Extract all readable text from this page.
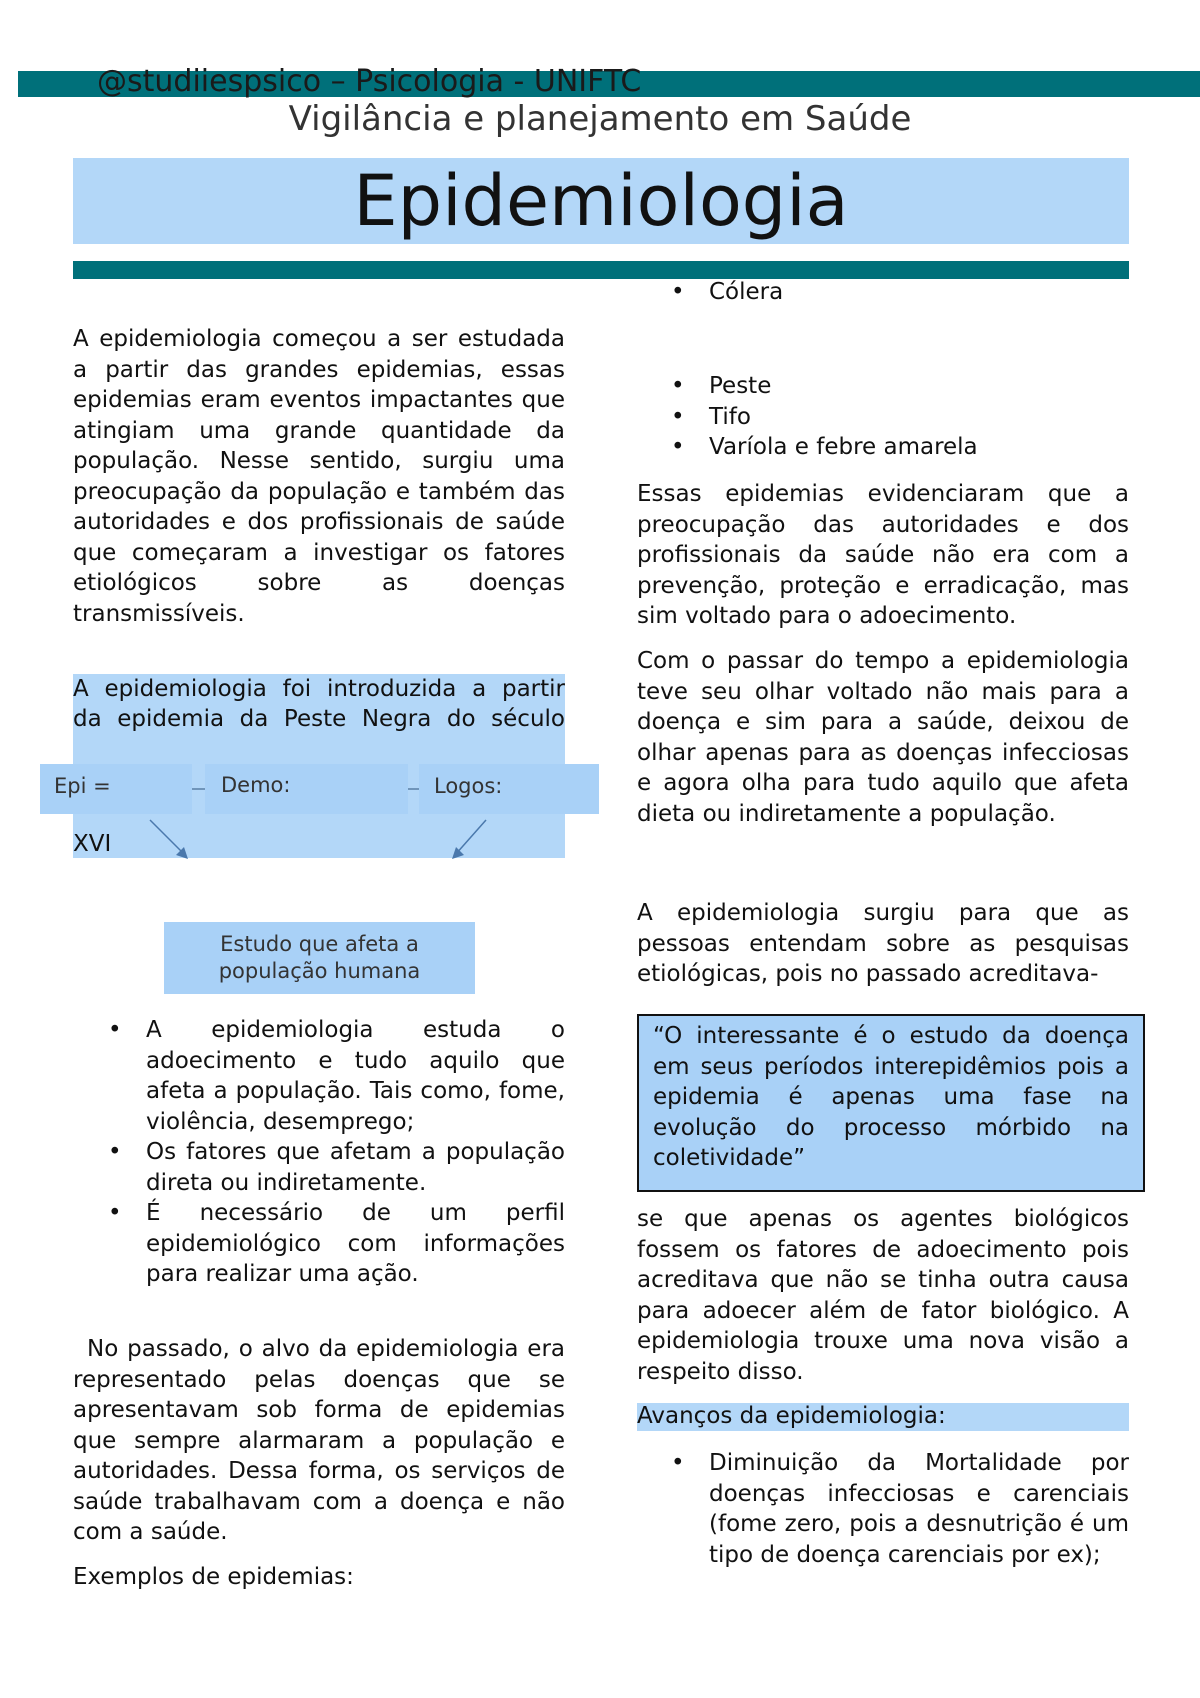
@studiiespsico – Psicologia - UNIFTC
Vigilância e planejamento em Saúde
Epidemiologia

A epidemiologia começou a ser estudada a partir das grandes epidemias, essas epidemias eram eventos impactantes que atingiam uma grande quantidade da população. Nesse sentido, surgiu uma preocupação da população e também das autoridades e dos profissionais de saúde que começaram a investigar os fatores etiológicos sobre as doenças transmissíveis.

A epidemiologia foi introduzida a partir
da epidemia da Peste Negra do século
Epi =	Demo:	Logos:
XVI
Estudo que afeta a população humana
• A epidemiologia estuda o adoecimento e tudo aquilo que afeta a população. Tais como, fome, violência, desemprego;
• Os fatores que afetam a população direta ou indiretamente.
• É necessário de um perfil epidemiológico com informações para realizar uma ação.

No passado, o alvo da epidemiologia era representado pelas doenças que se apresentavam sob forma de epidemias que sempre alarmaram a população e autoridades. Dessa forma, os serviços de saúde trabalhavam com a doença e não com a saúde.

Exemplos de epidemias:
• Cólera
• Peste
• Tifo
• Varíola e febre amarela

Essas epidemias evidenciaram que a preocupação das autoridades e dos profissionais da saúde não era com a prevenção, proteção e erradicação, mas sim voltado para o adoecimento.

Com o passar do tempo a epidemiologia teve seu olhar voltado não mais para a doença e sim para a saúde, deixou de olhar apenas para as doenças infecciosas e agora olha para tudo aquilo que afeta dieta ou indiretamente a população.

A epidemiologia surgiu para que as pessoas entendam sobre as pesquisas etiológicas, pois no passado acreditava-

“O interessante é o estudo da doença em seus períodos interepidêmios pois a epidemia é apenas uma fase na evolução do processo mórbido na coletividade”

se que apenas os agentes biológicos fossem os fatores de adoecimento pois acreditava que não se tinha outra causa para adoecer além de fator biológico. A epidemiologia trouxe uma nova visão a respeito disso.

Avanços da epidemiologia:
• Diminuição da Mortalidade por doenças infecciosas e carenciais (fome zero, pois a desnutrição é um tipo de doença carenciais por ex);
